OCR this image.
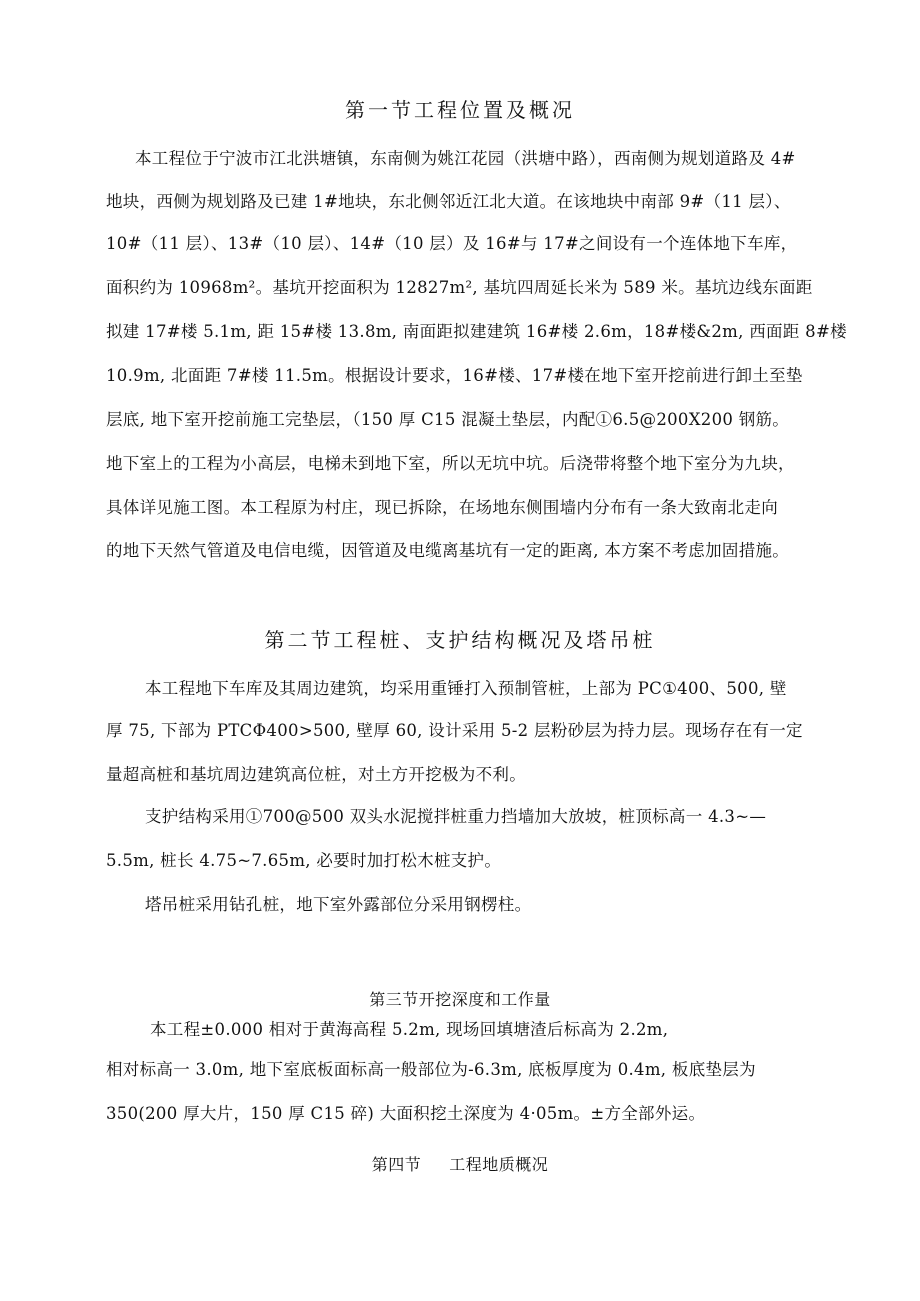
第一节工程位置及概况
本工程位于宁波市江北洪塘镇，东南侧为姚江花园（洪塘中路），西南侧为规划道路及 4#
地块，西侧为规划路及已建 1#地块，东北侧邻近江北大道。在该地块中南部 9#（11 层）、
10#（11 层）、13#（10 层）、14#（10 层）及 16#与 17#之间设有一个连体地下车库，
面积约为 10968m²。基坑开挖面积为 12827m², 基坑四周延长米为 589 米。基坑边线东面距
拟建 17#楼 5.1m, 距 15#楼 13.8m, 南面距拟建建筑 16#楼 2.6m，18#楼&2m, 西面距 8#楼
10.9m, 北面距 7#楼 11.5m。根据设计要求，16#楼、17#楼在地下室开挖前进行卸土至垫
层底, 地下室开挖前施工完垫层，（150 厚 C15 混凝土垫层，内配①6.5@200X200 钢筋。
地下室上的工程为小高层，电梯未到地下室，所以无坑中坑。后浇带将整个地下室分为九块，
具体详见施工图。本工程原为村庄，现已拆除，在场地东侧围墙内分布有一条大致南北走向
的地下天然气管道及电信电缆，因管道及电缆离基坑有一定的距离, 本方案不考虑加固措施。
第二节工程桩、支护结构概况及塔吊桩
本工程地下车库及其周边建筑，均采用重锤打入预制管桩，上部为 PC①400、500, 壁
厚 75, 下部为 PTCΦ400>500, 壁厚 60, 设计采用 5-2 层粉砂层为持力层。现场存在有一定
量超高桩和基坑周边建筑高位桩，对土方开挖极为不利。
支护结构采用①700@500 双头水泥搅拌桩重力挡墙加大放坡，桩顶标高一 4.3~—
5.5m, 桩长 4.75~7.65m, 必要时加打松木桩支护。
塔吊桩采用钻孔桩，地下室外露部位分采用钢楞柱。
第三节开挖深度和工作量
本工程±0.000 相对于黄海高程 5.2m, 现场回填塘渣后标高为 2.2m,
相对标高一 3.0m, 地下室底板面标高一般部位为-6.3m, 底板厚度为 0.4m, 板底垫层为
350(200 厚大片，150 厚 C15 碎) 大面积挖土深度为 4·05m。±方全部外运。
第四节 工程地质概况
